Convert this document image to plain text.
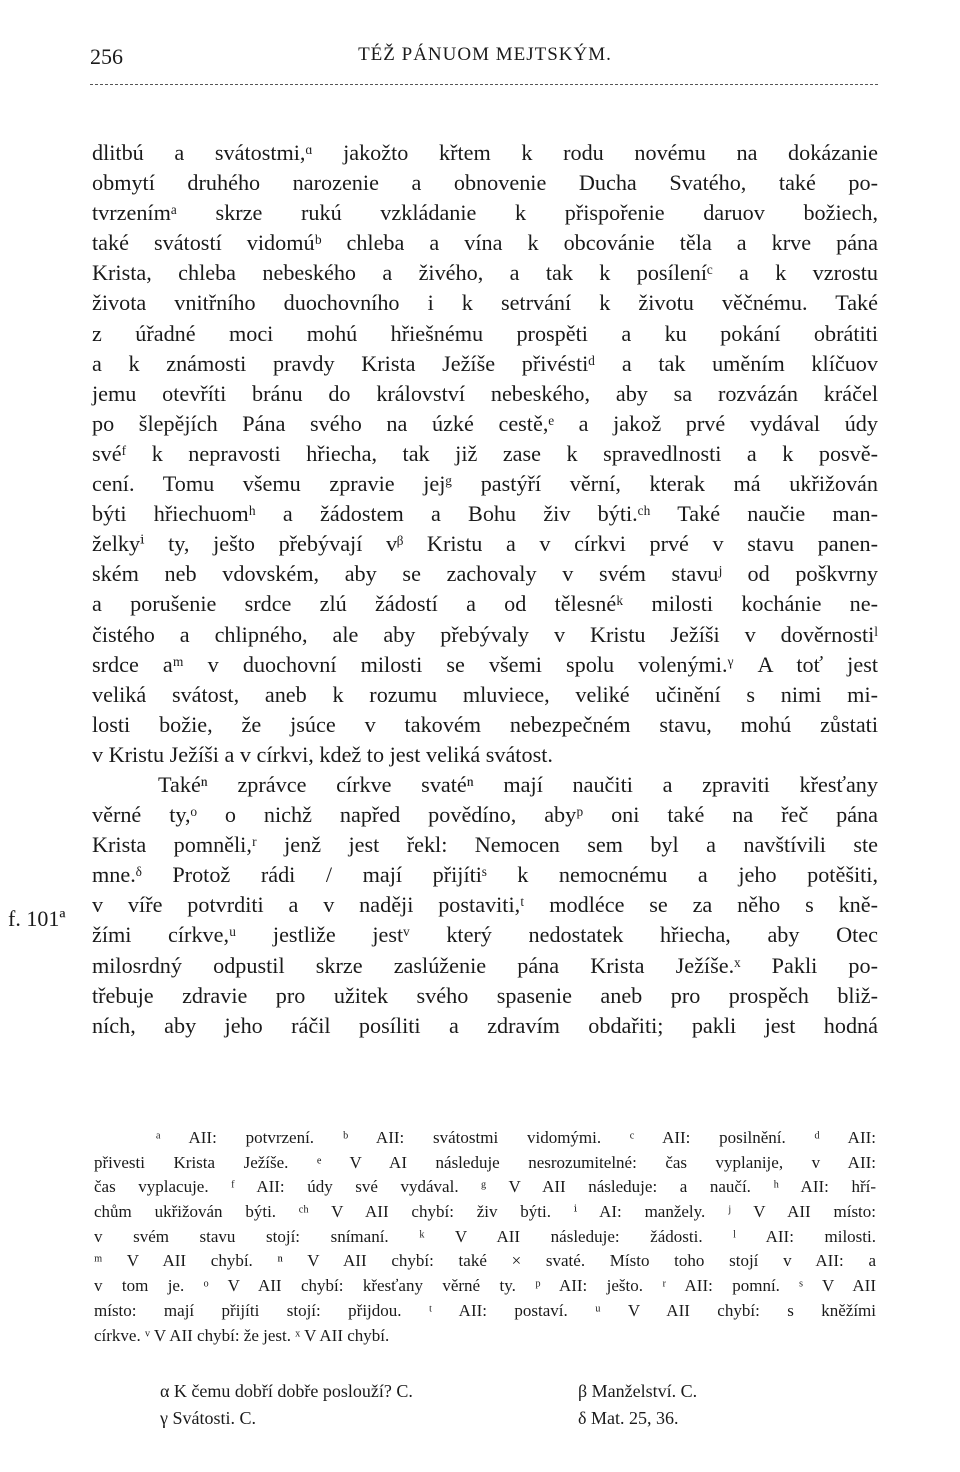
256	TÉŽ PÁNUOM MEJTSKÝM.
f. 101ª
dlitbú a svátostmi,ᵅ jakožto křtem k rodu novému na dokázanie
obmytí druhého narozenie a obnovenie Ducha Svatého, také po-
tvrzenímᵃ skrze rukú vzkládanie k přispořenie daruov božiech,
také svátostí vidomúᵇ chleba a vína k obcovánie těla a krve pána
Krista, chleba nebeského a živého, a tak k posíleníᶜ a k vzrostu
života vnitřního duochovního i k setrvání k životu věčnému. Také
z úřadné moci mohú hřiešnému prospěti a ku pokání obrátiti
a k známosti pravdy Krista Ježíše přivéstiᵈ a tak uměním klíčuov
jemu otevříti bránu do království nebeského, aby sa rozvázán kráčel
po šlepějích Pána svého na úzké cestě,ᵉ a jakož prvé vydával údy
svéᶠ k nepravosti hřiecha, tak již zase k spravedlnosti a k posvě-
cení. Tomu všemu zpravie jejᵍ pastýří věrní, kterak má ukřižován
býti hřiechuomʰ a žádostem a Bohu živ býti.ᶜʰ Také naučie man-
želkyⁱ ty, ješto přebývají vᵝ Kristu a v církvi prvé v stavu panen-
ském neb vdovském, aby se zachovaly v svém stavuʲ od poškvrny
a porušenie srdce zlú žádostí a od tělesnéᵏ milosti kochánie ne-
čistého a chlipného, ale aby přebývaly v Kristu Ježíši v dověrnostiˡ
srdce aᵐ v duochovní milosti se všemi spolu volenými.ᵞ A toť jest
veliká svátost, aneb k rozumu mluviece, veliké učinění s nimi mi-
losti božie, že jsúce v takovém nebezpečném stavu, mohú zůstati
v Kristu Ježíši a v církvi, kdež to jest veliká svátost.
Takéⁿ zprávce církve svatéⁿ mají naučiti a zpraviti křesťany
věrné ty,ᵒ o nichž napřed povědíno, abyᵖ oni také na řeč pána
Krista pomněli,ʳ jenž jest řekl: Nemocen sem byl a navštívili ste
mne.ᵟ Protož rádi / mají přijítiˢ k nemocnému a jeho potěšiti,
v víře potvrditi a v naději postaviti,ᵗ modléce se za něho s kně-
žími církve,ᵘ jestliže jestᵛ který nedostatek hřiecha, aby Otec
milosrdný odpustil skrze zaslúženie pána Krista Ježíše.ˣ Pakli po-
třebuje zdravie pro užitek svého spasenie aneb pro prospěch bliž-
ních, aby jeho ráčil posíliti a zdravím obdařiti; pakli jest hodná
ᵃ AII: potvrzení. ᵇ AII: svátostmi vidomými. ᶜ AII: posilnění. ᵈ AII:
přivesti Krista Ježíše. ᵉ V AI následuje nesrozumitelné: čas vyplanije, v AII:
čas vyplacuje. ᶠ AII: údy své vydával. ᵍ V AII následuje: a naučí. ʰ AII: hří-
chům ukřižován býti. ᶜʰ V AII chybí: živ býti. ⁱ AI: manžely. ʲ V AII místo:
v svém stavu stojí: snímaní. ᵏ V AII následuje: žádosti. ˡ AII: milosti.
ᵐ V AII chybí. ⁿ V AII chybí: také × svaté. Místo toho stojí v AII: a
v tom je. ᵒ V AII chybí: křesťany věrné ty. ᵖ AII: ješto. ʳ AII: pomní. ˢ V AII
místo: mají přijíti stojí: přijdou. ᵗ AII: postaví. ᵘ V AII chybí: s kněžími
církve. ᵛ V AII chybí: že jest. ˣ V AII chybí.
α K čemu dobří dobře poslouží? C.	β Manželství. C.
γ Svátosti. C.	δ Mat. 25, 36.
